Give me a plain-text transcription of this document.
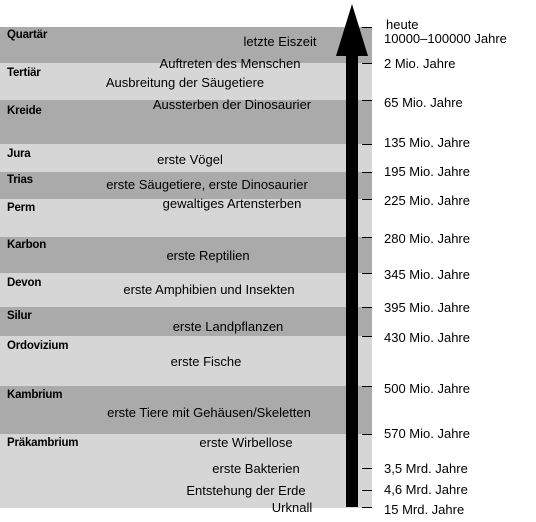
Quartär
Tertiär
Kreide
Jura
Trias
Perm
Karbon
Devon
Silur
Ordovizium
Kambrium
Präkambrium
letzte Eiszeit
Auftreten des Menschen
Ausbreitung der Säugetiere
Aussterben der Dinosaurier
erste Vögel
erste Säugetiere, erste Dinosaurier
gewaltiges Artensterben
erste Reptilien
erste Amphibien und Insekten
erste Landpflanzen
erste Fische
erste Tiere mit Gehäusen/Skeletten
erste Wirbellose
erste Bakterien
Entstehung der Erde
Urknall
heute
10000–100000 Jahre
2 Mio. Jahre
65 Mio. Jahre
135 Mio. Jahre
195 Mio. Jahre
225 Mio. Jahre
280 Mio. Jahre
345 Mio. Jahre
395 Mio. Jahre
430 Mio. Jahre
500 Mio. Jahre
570 Mio. Jahre
3,5 Mrd. Jahre
4,6 Mrd. Jahre
15 Mrd. Jahre
